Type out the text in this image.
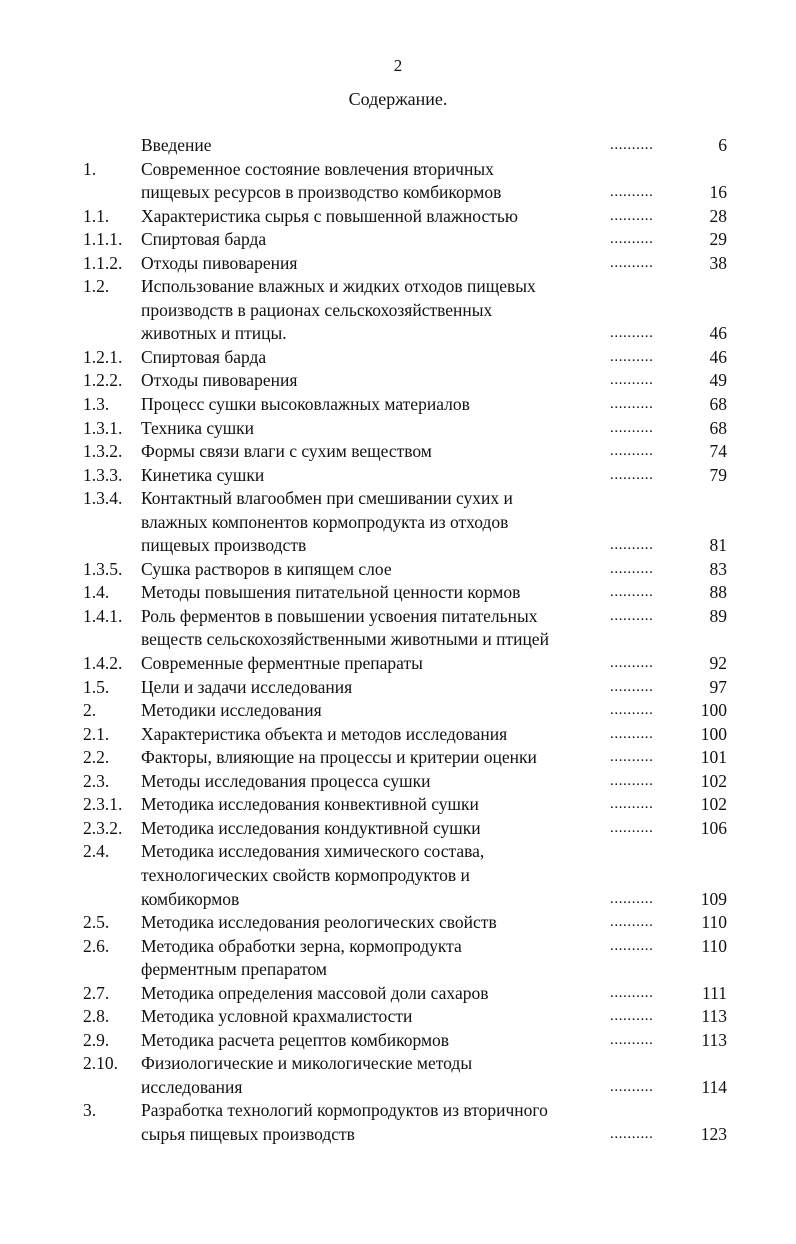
2
Содержание.
Введение	..........	6
1.	Современное состояние вовлечения вторичных
пищевых ресурсов в производство комбикормов	..........	16
1.1. Характеристика сырья с повышенной влажностью	..........	28
1.1.1. Спиртовая барда	..........	29
1.1.2. Отходы пивоварения	..........	38
1.2. Использование влажных и жидких отходов пищевых
производств в рационах сельскохозяйственных
животных и птицы.	..........	46
1.2.1. Спиртовая барда	..........	46
1.2.2. Отходы пивоварения	..........	49
1.3. Процесс сушки высоковлажных материалов	..........	68
1.3.1. Техника сушки	..........	68
1.3.2. Формы связи влаги с сухим веществом	..........	74
1.3.3. Кинетика сушки	..........	79
1.3.4. Контактный влагообмен при смешивании сухих и
влажных компонентов кормопродукта из отходов
пищевых производств	..........	81
1.3.5. Сушка растворов в кипящем слое	..........	83
1.4. Методы повышения питательной ценности кормов	..........	88
1.4.1. Роль ферментов в повышении усвоения питательных	..........	89
веществ сельскохозяйственными животными и птицей
1.4.2. Современные ферментные препараты	..........	92
1.5. Цели и задачи исследования	..........	97
2.	Методики исследования	..........	100
2.1. Характеристика объекта и методов исследования	..........	100
2.2. Факторы, влияющие на процессы и критерии оценки	..........	101
2.3. Методы исследования процесса сушки	..........	102
2.3.1. Методика исследования конвективной сушки	..........	102
2.3.2. Методика исследования кондуктивной сушки	..........	106
2.4. Методика исследования химического состава,
технологических свойств кормопродуктов и
комбикормов	..........	109
2.5. Методика исследования реологических свойств	..........	110
2.6. Методика обработки зерна, кормопродукта	..........	110
ферментным препаратом
2.7. Методика определения массовой доли сахаров	..........	111
2.8. Методика условной крахмалистости	..........	113
2.9. Методика расчета рецептов комбикормов	..........	113
2.10. Физиологические и микологические методы
исследования	..........	114
3.	Разработка технологий кормопродуктов из вторичного
сырья пищевых производств	..........	123
